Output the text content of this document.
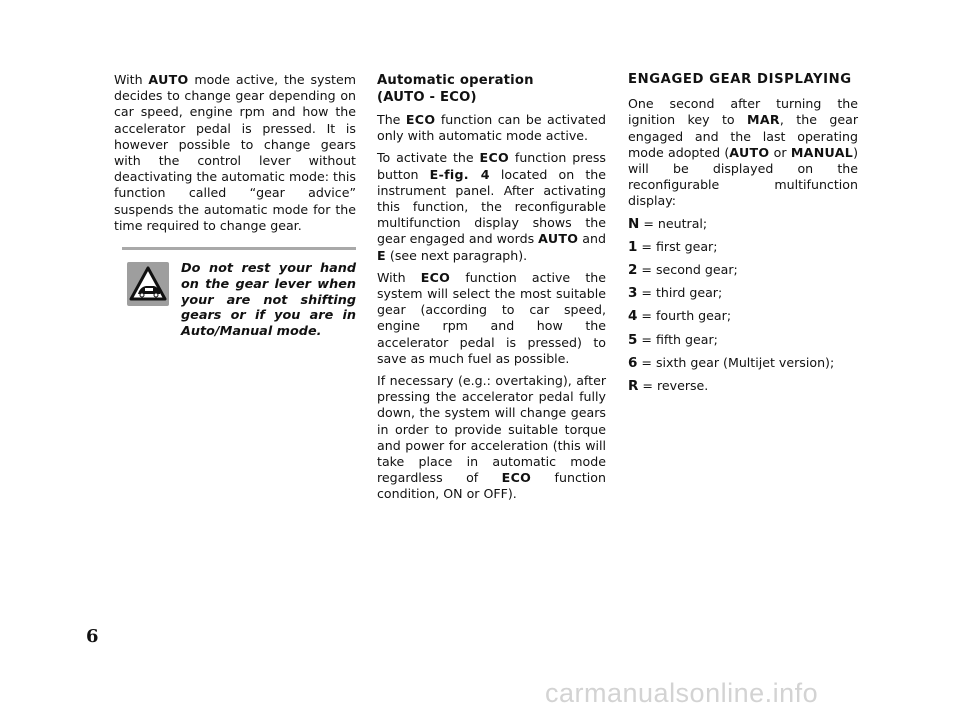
With AUTO mode active, the system decides to change gear depending on car speed, engine rpm and how the accelerator pedal is pressed. It is however possible to change gears with the control lever without deactivating the automatic mode: this function called “gear advice” suspends the automatic mode for the time required to change gear.

Do not rest your hand on the gear lever when your are not shifting gears or if you are in Auto/Manual mode.
Automatic operation
(AUTO - ECO)

The ECO function can be activated only with automatic mode active.

To activate the ECO function press button E-fig. 4 located on the instrument panel. After activating this function, the reconfigurable multifunction display shows the gear engaged and words AUTO and E (see next paragraph).

With ECO function active the system will select the most suitable gear (according to car speed, engine rpm and how the accelerator pedal is pressed) to save as much fuel as possible.

If necessary (e.g.: overtaking), after pressing the accelerator pedal fully down, the system will change gears in order to provide suitable torque and power for acceleration (this will take place in automatic mode regardless of ECO function condition, ON or OFF).

ENGAGED GEAR DISPLAYING

One second after turning the ignition key to MAR, the gear engaged and the last operating mode adopted (AUTO or MANUAL) will be displayed on the reconfigurable multifunction display:

N = neutral;
1 = first gear;
2 = second gear;
3 = third gear;
4 = fourth gear;
5 = fifth gear;
6 = sixth gear (Multijet version);
R = reverse.
6
carmanualsonline.info
